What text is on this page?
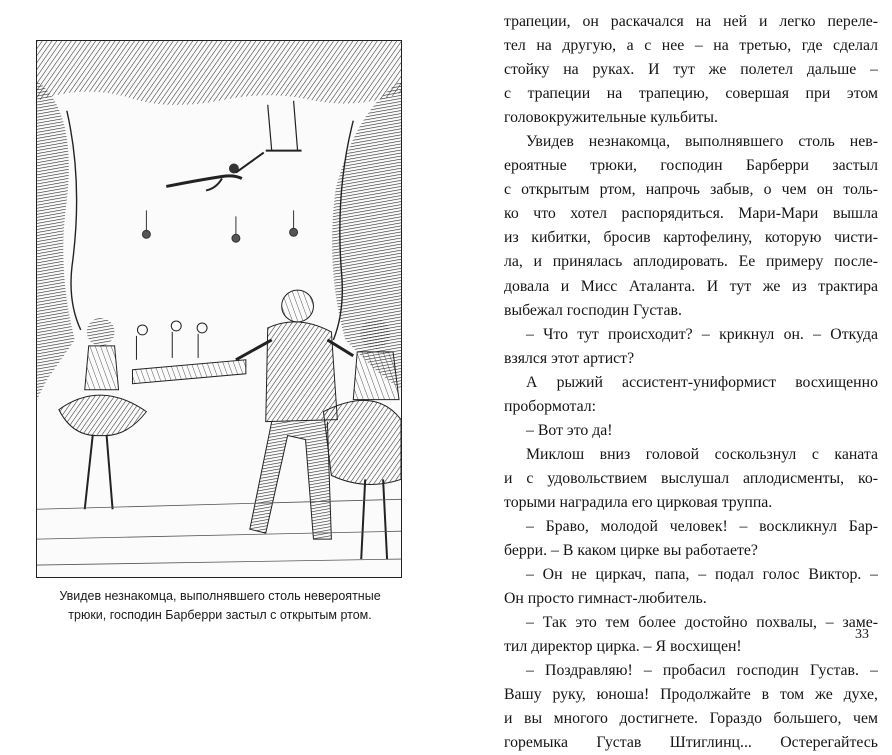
Увидев незнакомца, выполнявшего столь невероятные
трюки, господин Барберри застыл с открытым ртом.

трапеции, он раскачался на ней и легко переле-

тел на другую, а с нее – на третью, где сделал

стойку на руках. И тут же полетел дальше –

с трапеции на трапецию, совершая при этом

головокружительные кульбиты.

Увидев незнакомца, выполнявшего столь нев-

ероятные трюки, господин Барберри застыл

с открытым ртом, напрочь забыв, о чем он толь-

ко что хотел распорядиться. Мари-Мари вышла

из кибитки, бросив картофелину, которую чисти-

ла, и принялась аплодировать. Ее примеру после-

довала и Мисс Аталанта. И тут же из трактира

выбежал господин Густав.

– Что тут происходит? – крикнул он. – Откуда

взялся этот артист?

А рыжий ассистент-униформист восхищенно

пробормотал:

– Вот это да!

Миклош вниз головой соскользнул с каната

и с удовольствием выслушал аплодисменты, ко-

торыми наградила его цирковая труппа.

– Браво, молодой человек! – воскликнул Бар-

берри. – В каком цирке вы работаете?

– Он не циркач, папа, – подал голос Виктор. –

Он просто гимнаст-любитель.

– Так это тем более достойно похвалы, – заме-

тил директор цирка. – Я восхищен!

– Поздравляю! – пробасил господин Густав. –

Вашу руку, юноша! Продолжайте в том же духе,

и вы многого достигнете. Гораздо большего, чем

горемыка Густав Штиглинц... Остерегайтесь

33
